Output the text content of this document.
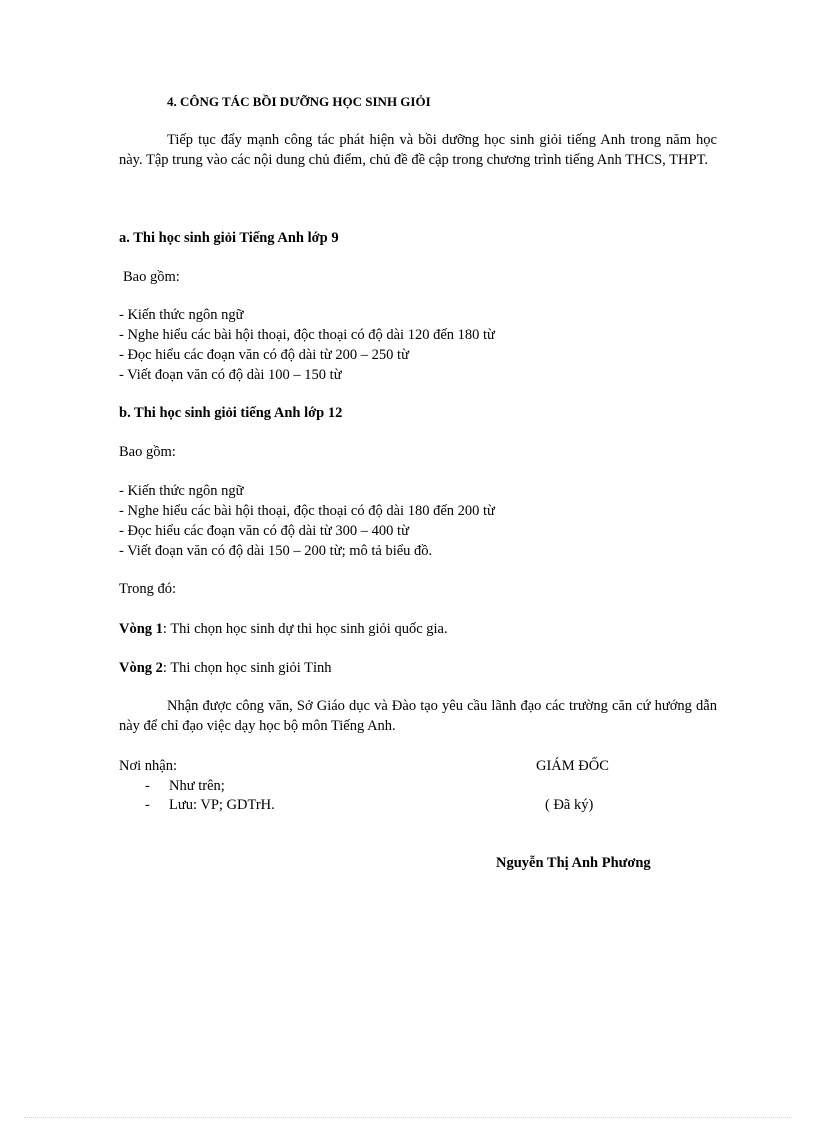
4. CÔNG TÁC BỒI DƯỠNG HỌC SINH GIỎI
Tiếp tục đẩy mạnh công tác phát hiện và bồi dưỡng học sinh giỏi tiếng Anh trong năm học này. Tập trung vào các nội dung chủ điểm, chủ đề đề cập trong chương trình tiếng Anh THCS, THPT.
a. Thi học sinh giỏi Tiếng Anh lớp 9
Bao gồm:
- Kiến thức ngôn ngữ
- Nghe hiểu các bài hội thoại, độc thoại có độ dài 120 đến 180 từ
- Đọc hiểu các đoạn văn có độ dài từ 200 – 250 từ
- Viết đoạn văn có độ dài 100 – 150 từ
b. Thi học sinh giỏi tiếng Anh lớp 12
Bao gồm:
- Kiến thức ngôn ngữ
- Nghe hiểu các bài hội thoại, độc thoại có độ dài 180 đến 200 từ
- Đọc hiểu các đoạn văn có độ dài từ 300 – 400 từ
- Viết đoạn văn có độ dài 150 – 200 từ; mô tả biểu đồ.
Trong đó:
Vòng 1: Thi chọn học sinh dự thi học sinh giỏi quốc gia.
Vòng 2: Thi chọn học sinh giỏi Tỉnh
Nhận được công văn, Sở Giáo dục và Đào tạo yêu cầu lãnh đạo các trường căn cứ hướng dẫn này để chỉ đạo việc dạy học bộ môn Tiếng Anh.
Nơi nhận:
- Như trên;
- Lưu: VP; GDTrH.
GIÁM ĐỐC
( Đã ký)
Nguyễn Thị Anh Phương
